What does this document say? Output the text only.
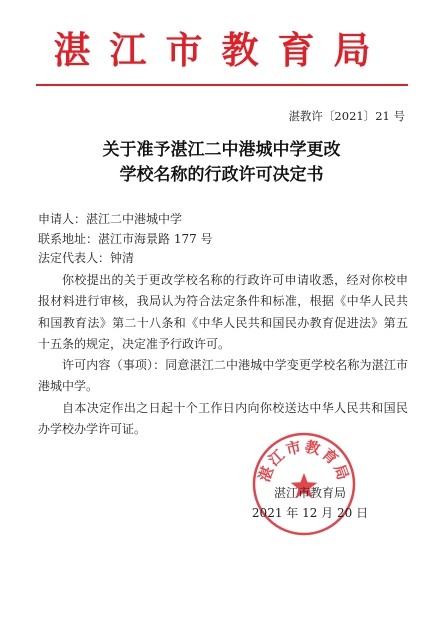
湛江市教育局
湛教许〔2021〕21 号
关于准予湛江二中港城中学更改
学校名称的行政许可决定书
申请人：湛江二中港城中学
联系地址：湛江市海景路 177 号
法定代表人：钟清

你校提出的关于更改学校名称的行政许可申请收悉，经对你校申报材料进行审核，我局认为符合法定条件和标准，根据《中华人民共和国教育法》第二十八条和《中华人民共和国民办教育促进法》第五十五条的规定，决定准予行政许可。

许可内容（事项）：同意湛江二中港城中学变更学校名称为湛江市港城中学。

自本决定作出之日起十个工作日内向你校送达中华人民共和国民办学校办学许可证。

湛江市教育局
湛江市教育局
2021 年 12 月 20 日
